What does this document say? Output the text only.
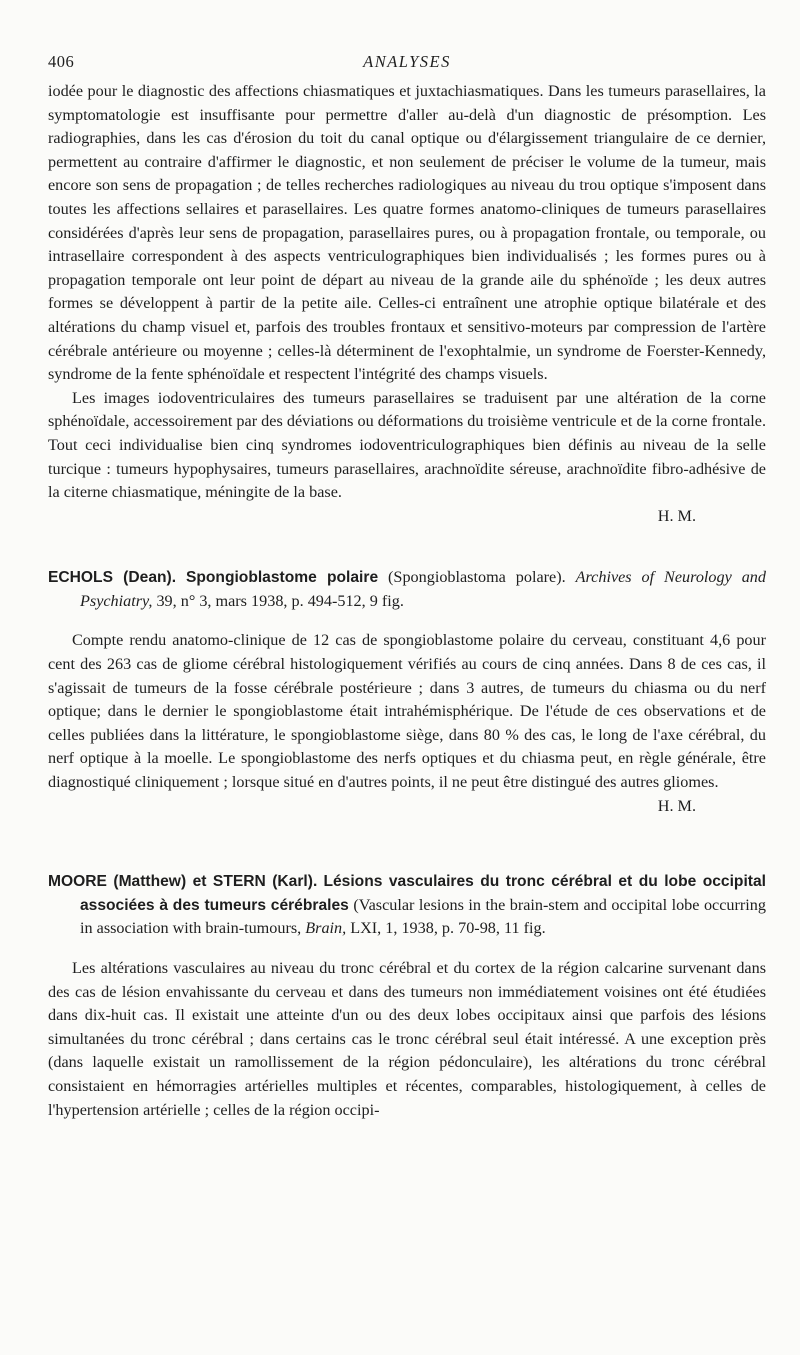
406	ANALYSES

iodée pour le diagnostic des affections chiasmatiques et juxtachiasmatiques. Dans les tumeurs parasellaires, la symptomatologie est insuffisante pour permettre d'aller au-delà d'un diagnostic de présomption. Les radiographies, dans les cas d'érosion du toit du canal optique ou d'élargissement triangulaire de ce dernier, permettent au contraire d'affirmer le diagnostic, et non seulement de préciser le volume de la tumeur, mais encore son sens de propagation ; de telles recherches radiologiques au niveau du trou optique s'imposent dans toutes les affections sellaires et parasellaires. Les quatre formes anatomo-cliniques de tumeurs parasellaires considérées d'après leur sens de propagation, parasellaires pures, ou à propagation frontale, ou temporale, ou intrasellaire correspondent à des aspects ventriculographiques bien individualisés ; les formes pures ou à propagation temporale ont leur point de départ au niveau de la grande aile du sphénoïde ; les deux autres formes se développent à partir de la petite aile. Celles-ci entraînent une atrophie optique bilatérale et des altérations du champ visuel et, parfois des troubles frontaux et sensitivo-moteurs par compression de l'artère cérébrale antérieure ou moyenne ; celles-là déterminent de l'exophtalmie, un syndrome de Foerster-Kennedy, syndrome de la fente sphénoïdale et respectent l'intégrité des champs visuels.

Les images iodoventriculaires des tumeurs parasellaires se traduisent par une altération de la corne sphénoïdale, accessoirement par des déviations ou déformations du troisième ventricule et de la corne frontale. Tout ceci individualise bien cinq syndromes iodoventriculographiques bien définis au niveau de la selle turcique : tumeurs hypophysaires, tumeurs parasellaires, arachnoïdite séreuse, arachnoïdite fibro-adhésive de la citerne chiasmatique, méningite de la base.

H. M.

ECHOLS (Dean). Spongioblastome polaire (Spongioblastoma polare). Archives of Neurology and Psychiatry, 39, n° 3, mars 1938, p. 494-512, 9 fig.

Compte rendu anatomo-clinique de 12 cas de spongioblastome polaire du cerveau, constituant 4,6 pour cent des 263 cas de gliome cérébral histologiquement vérifiés au cours de cinq années. Dans 8 de ces cas, il s'agissait de tumeurs de la fosse cérébrale postérieure ; dans 3 autres, de tumeurs du chiasma ou du nerf optique; dans le dernier le spongioblastome était intrahémisphérique. De l'étude de ces observations et de celles publiées dans la littérature, le spongioblastome siège, dans 80 % des cas, le long de l'axe cérébral, du nerf optique à la moelle. Le spongioblastome des nerfs optiques et du chiasma peut, en règle générale, être diagnostiqué cliniquement ; lorsque situé en d'autres points, il ne peut être distingué des autres gliomes.

H. M.

MOORE (Matthew) et STERN (Karl). Lésions vasculaires du tronc cérébral et du lobe occipital associées à des tumeurs cérébrales (Vascular lesions in the brain-stem and occipital lobe occurring in association with brain-tumours, Brain, LXI, 1, 1938, p. 70-98, 11 fig.

Les altérations vasculaires au niveau du tronc cérébral et du cortex de la région calcarine survenant dans des cas de lésion envahissante du cerveau et dans des tumeurs non immédiatement voisines ont été étudiées dans dix-huit cas. Il existait une atteinte d'un ou des deux lobes occipitaux ainsi que parfois des lésions simultanées du tronc cérébral ; dans certains cas le tronc cérébral seul était intéressé. A une exception près (dans laquelle existait un ramollissement de la région pédonculaire), les altérations du tronc cérébral consistaient en hémorragies artérielles multiples et récentes, comparables, histologiquement, à celles de l'hypertension artérielle ; celles de la région occipi-
